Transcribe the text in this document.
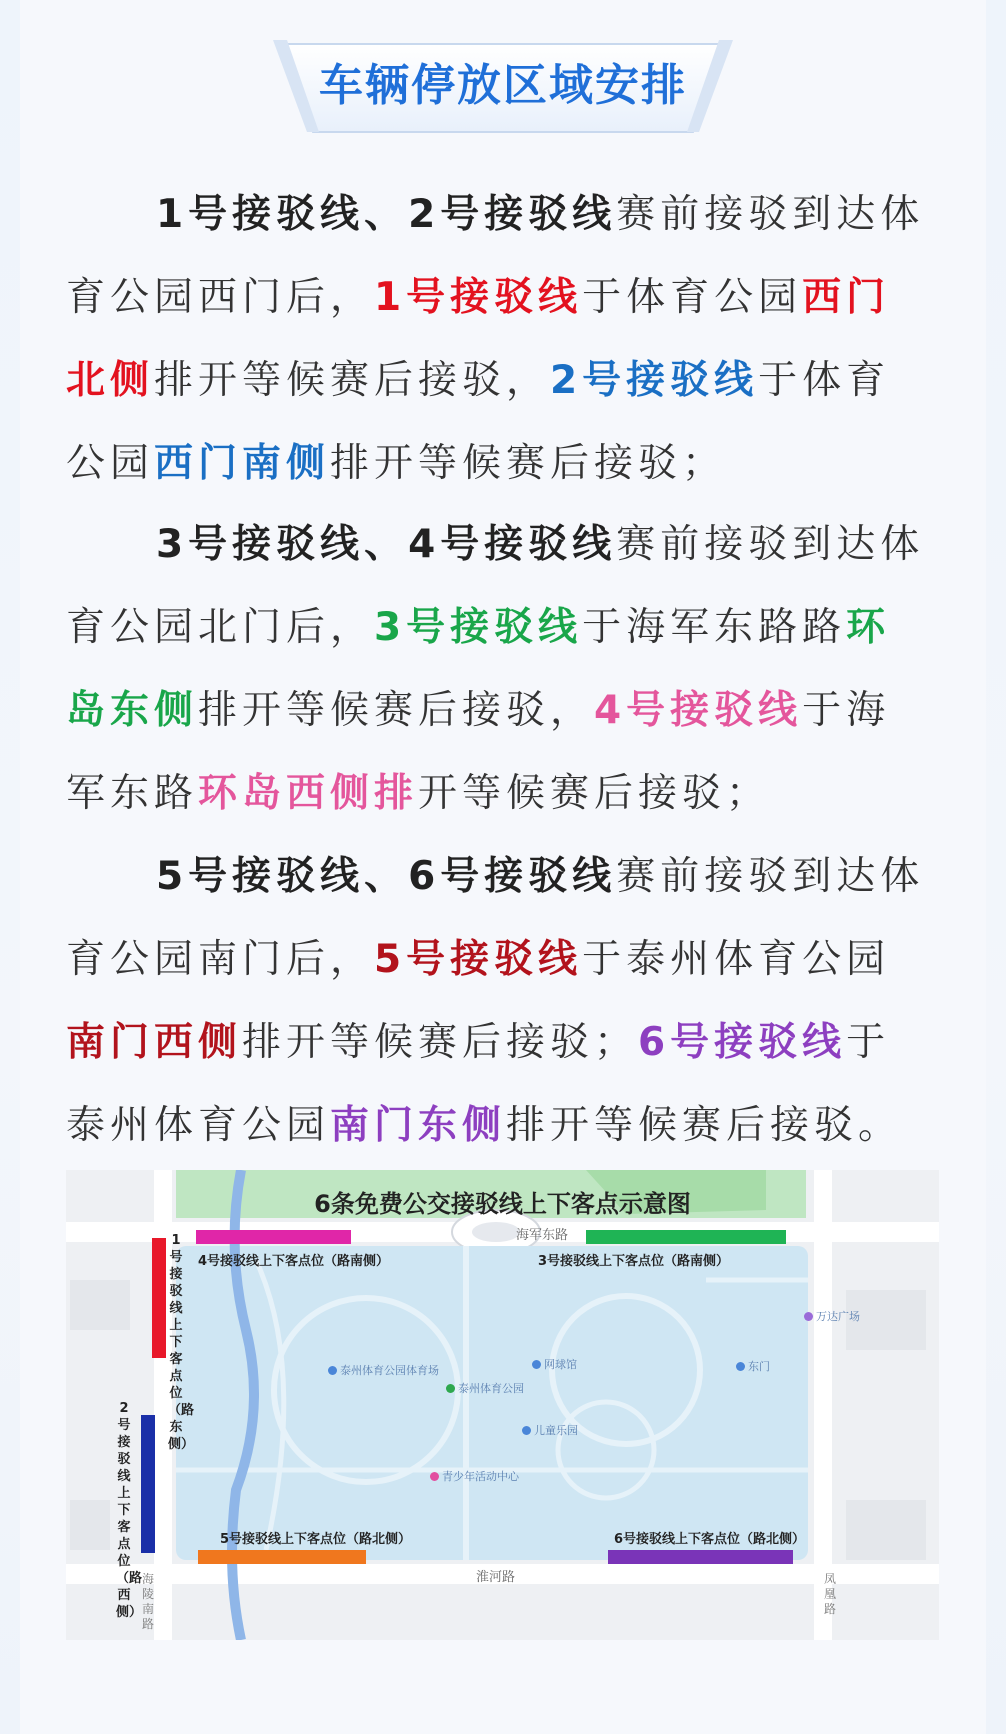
车辆停放区域安排
1号接驳线、2号接驳线赛前接驳到达体
育公园西门后，1号接驳线于体育公园西门
北侧排开等候赛后接驳，2号接驳线于体育
公园西门南侧排开等候赛后接驳；
3号接驳线、4号接驳线赛前接驳到达体
育公园北门后，3号接驳线于海军东路路环
岛东侧排开等候赛后接驳，4号接驳线于海
军东路环岛西侧排开等候赛后接驳；
5号接驳线、6号接驳线赛前接驳到达体
育公园南门后，5号接驳线于泰州体育公园
南门西侧排开等候赛后接驳；6号接驳线于
泰州体育公园南门东侧排开等候赛后接驳。
6条免费公交接驳线上下客点示意图
4号接驳线上下客点位（路南侧）	3号接驳线上下客点位（路南侧）
5号接驳线上下客点位（路北侧）	6号接驳线上下客点位（路北侧）
1号接驳线上下客点位（路东侧）
2号接驳线上下客点位（路西侧）
海军东路
淮河路
海陵南路
凤凰路
泰州体育公园体育场
泰州体育公园
网球馆
儿童乐园
青少年活动中心
万达广场
东门
